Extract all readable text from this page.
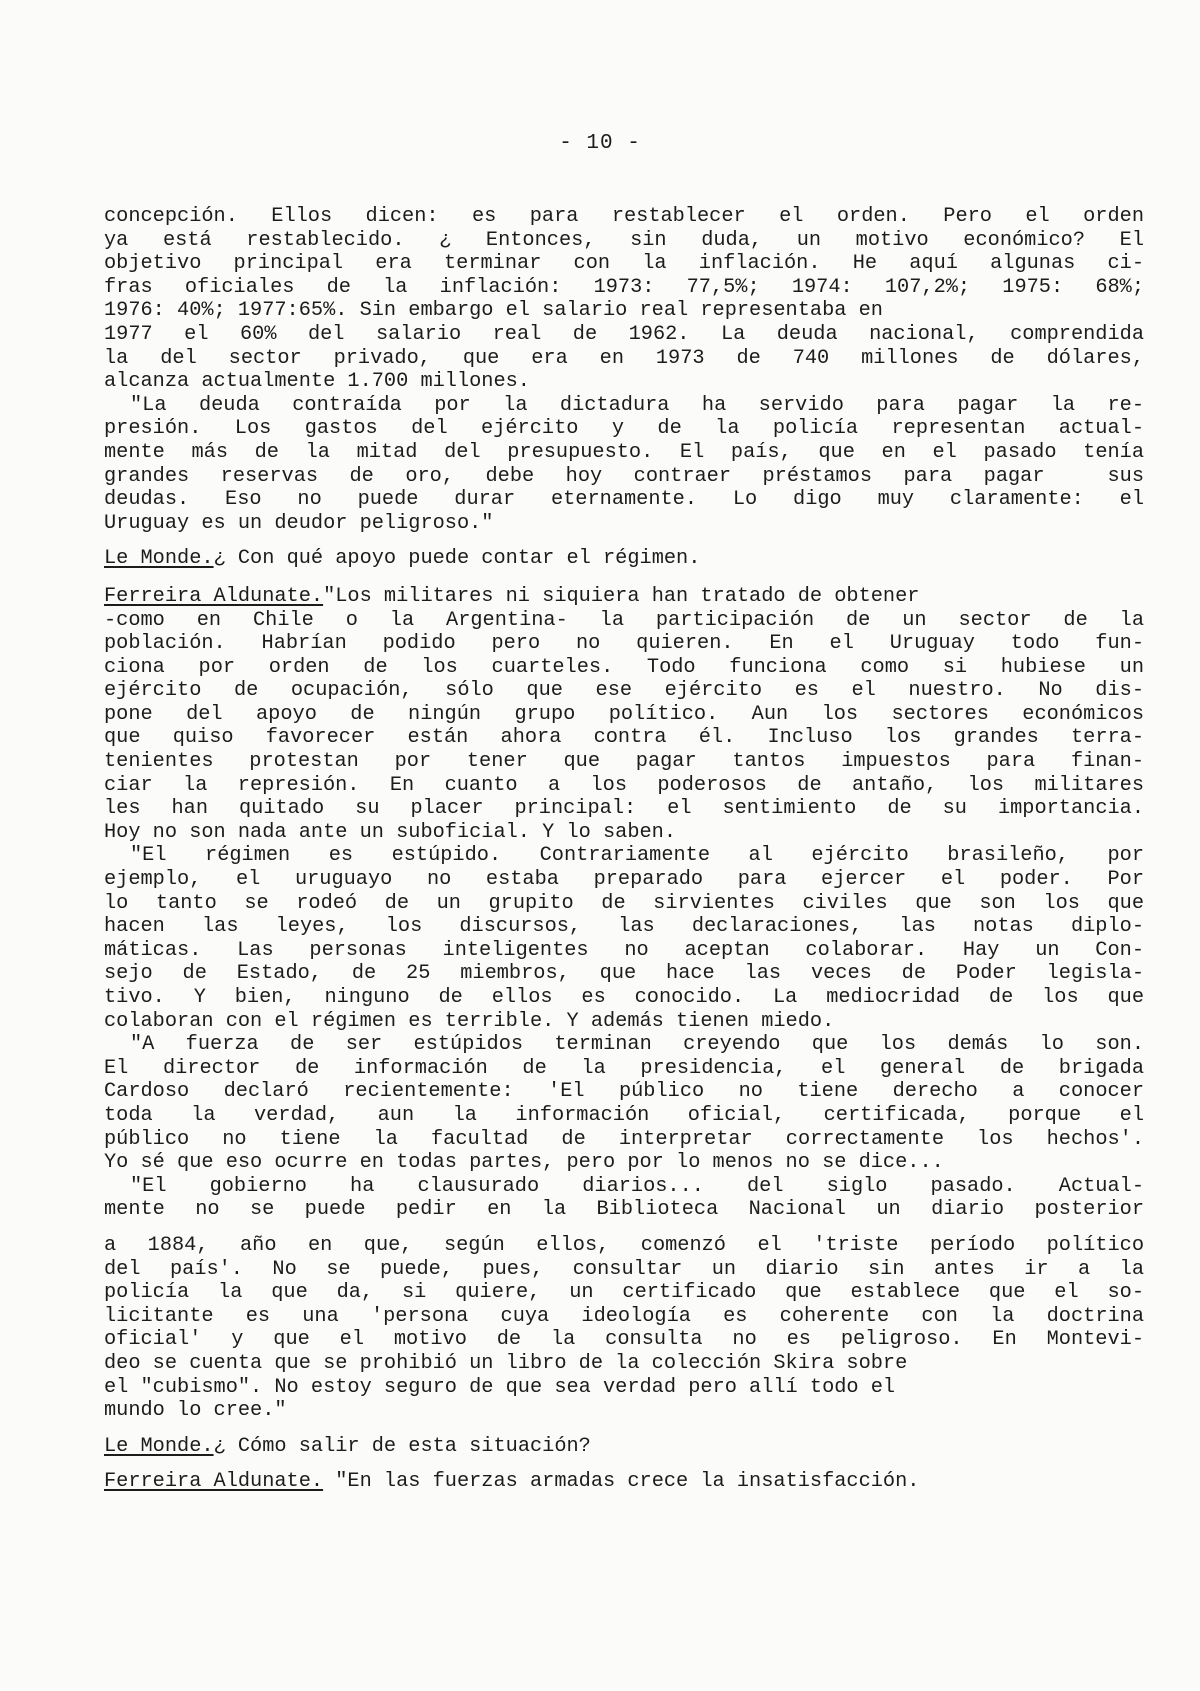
- 10 -
concepción. Ellos dicen: es para restablecer el orden. Pero el orden
ya está restablecido. ¿ Entonces, sin duda, un motivo económico? El
objetivo principal era terminar con la inflación. He aquí algunas ci-
fras oficiales de la inflación: 1973: 77,5%; 1974: 107,2%; 1975: 68%;
1976: 40%; 1977:65%. Sin embargo el salario real representaba en
1977 el 60% del salario real de 1962. La deuda nacional, comprendida
la del sector privado, que era en 1973 de 740 millones de dólares,
alcanza actualmente 1.700 millones.
"La deuda contraída por la dictadura ha servido para pagar la re-
presión. Los gastos del ejército y de la policía representan actual-
mente más de la mitad del presupuesto. El país, que en el pasado tenía
grandes reservas de oro, debe hoy contraer préstamos para pagar  sus
deudas. Eso no puede durar eternamente. Lo digo muy claramente: el
Uruguay es un deudor peligroso."
Le Monde.¿ Con qué apoyo puede contar el régimen.
Ferreira Aldunate."Los militares ni siquiera han tratado de obtener
-como en Chile o la Argentina- la participación de un sector de la
población. Habrían podido pero no quieren. En el Uruguay todo fun-
ciona por orden de los cuarteles. Todo funciona como si hubiese un
ejército de ocupación, sólo que ese ejército es el nuestro. No dis-
pone del apoyo de ningún grupo político. Aun los sectores económicos
que quiso favorecer están ahora contra él. Incluso los grandes terra-
tenientes protestan por tener que pagar tantos impuestos para finan-
ciar la represión. En cuanto a los poderosos de antaño, los militares
les han quitado su placer principal: el sentimiento de su importancia.
Hoy no son nada ante un suboficial. Y lo saben.
"El régimen es estúpido. Contrariamente al ejército brasileño, por
ejemplo, el uruguayo no estaba preparado para ejercer el poder. Por
lo tanto se rodeó de un grupito de sirvientes civiles que son los que
hacen las leyes, los discursos, las declaraciones, las notas diplo-
máticas. Las personas inteligentes no aceptan colaborar. Hay un Con-
sejo de Estado, de 25 miembros, que hace las veces de Poder legisla-
tivo. Y bien, ninguno de ellos es conocido. La mediocridad de los que
colaboran con el régimen es terrible. Y además tienen miedo.
"A fuerza de ser estúpidos terminan creyendo que los demás lo son.
El director de información de la presidencia, el general de brigada
Cardoso declaró recientemente: 'El público no tiene derecho a conocer
toda la verdad, aun la información oficial, certificada, porque el
público no tiene la facultad de interpretar correctamente los hechos'.
Yo sé que eso ocurre en todas partes, pero por lo menos no se dice...
"El gobierno ha clausurado diarios... del siglo pasado. Actual-
mente no se puede pedir en la Biblioteca Nacional un diario posterior
a 1884, año en que, según ellos, comenzó el 'triste período político
del país'. No se puede, pues, consultar un diario sin antes ir a la
policía la que da, si quiere, un certificado que establece que el so-
licitante es una 'persona cuya ideología es coherente con la doctrina
oficial' y que el motivo de la consulta no es peligroso. En Montevi-
deo se cuenta que se prohibió un libro de la colección Skira sobre
el "cubismo". No estoy seguro de que sea verdad pero allí todo el
mundo lo cree."
Le Monde.¿ Cómo salir de esta situación?
Ferreira Aldunate. "En las fuerzas armadas crece la insatisfacción.
